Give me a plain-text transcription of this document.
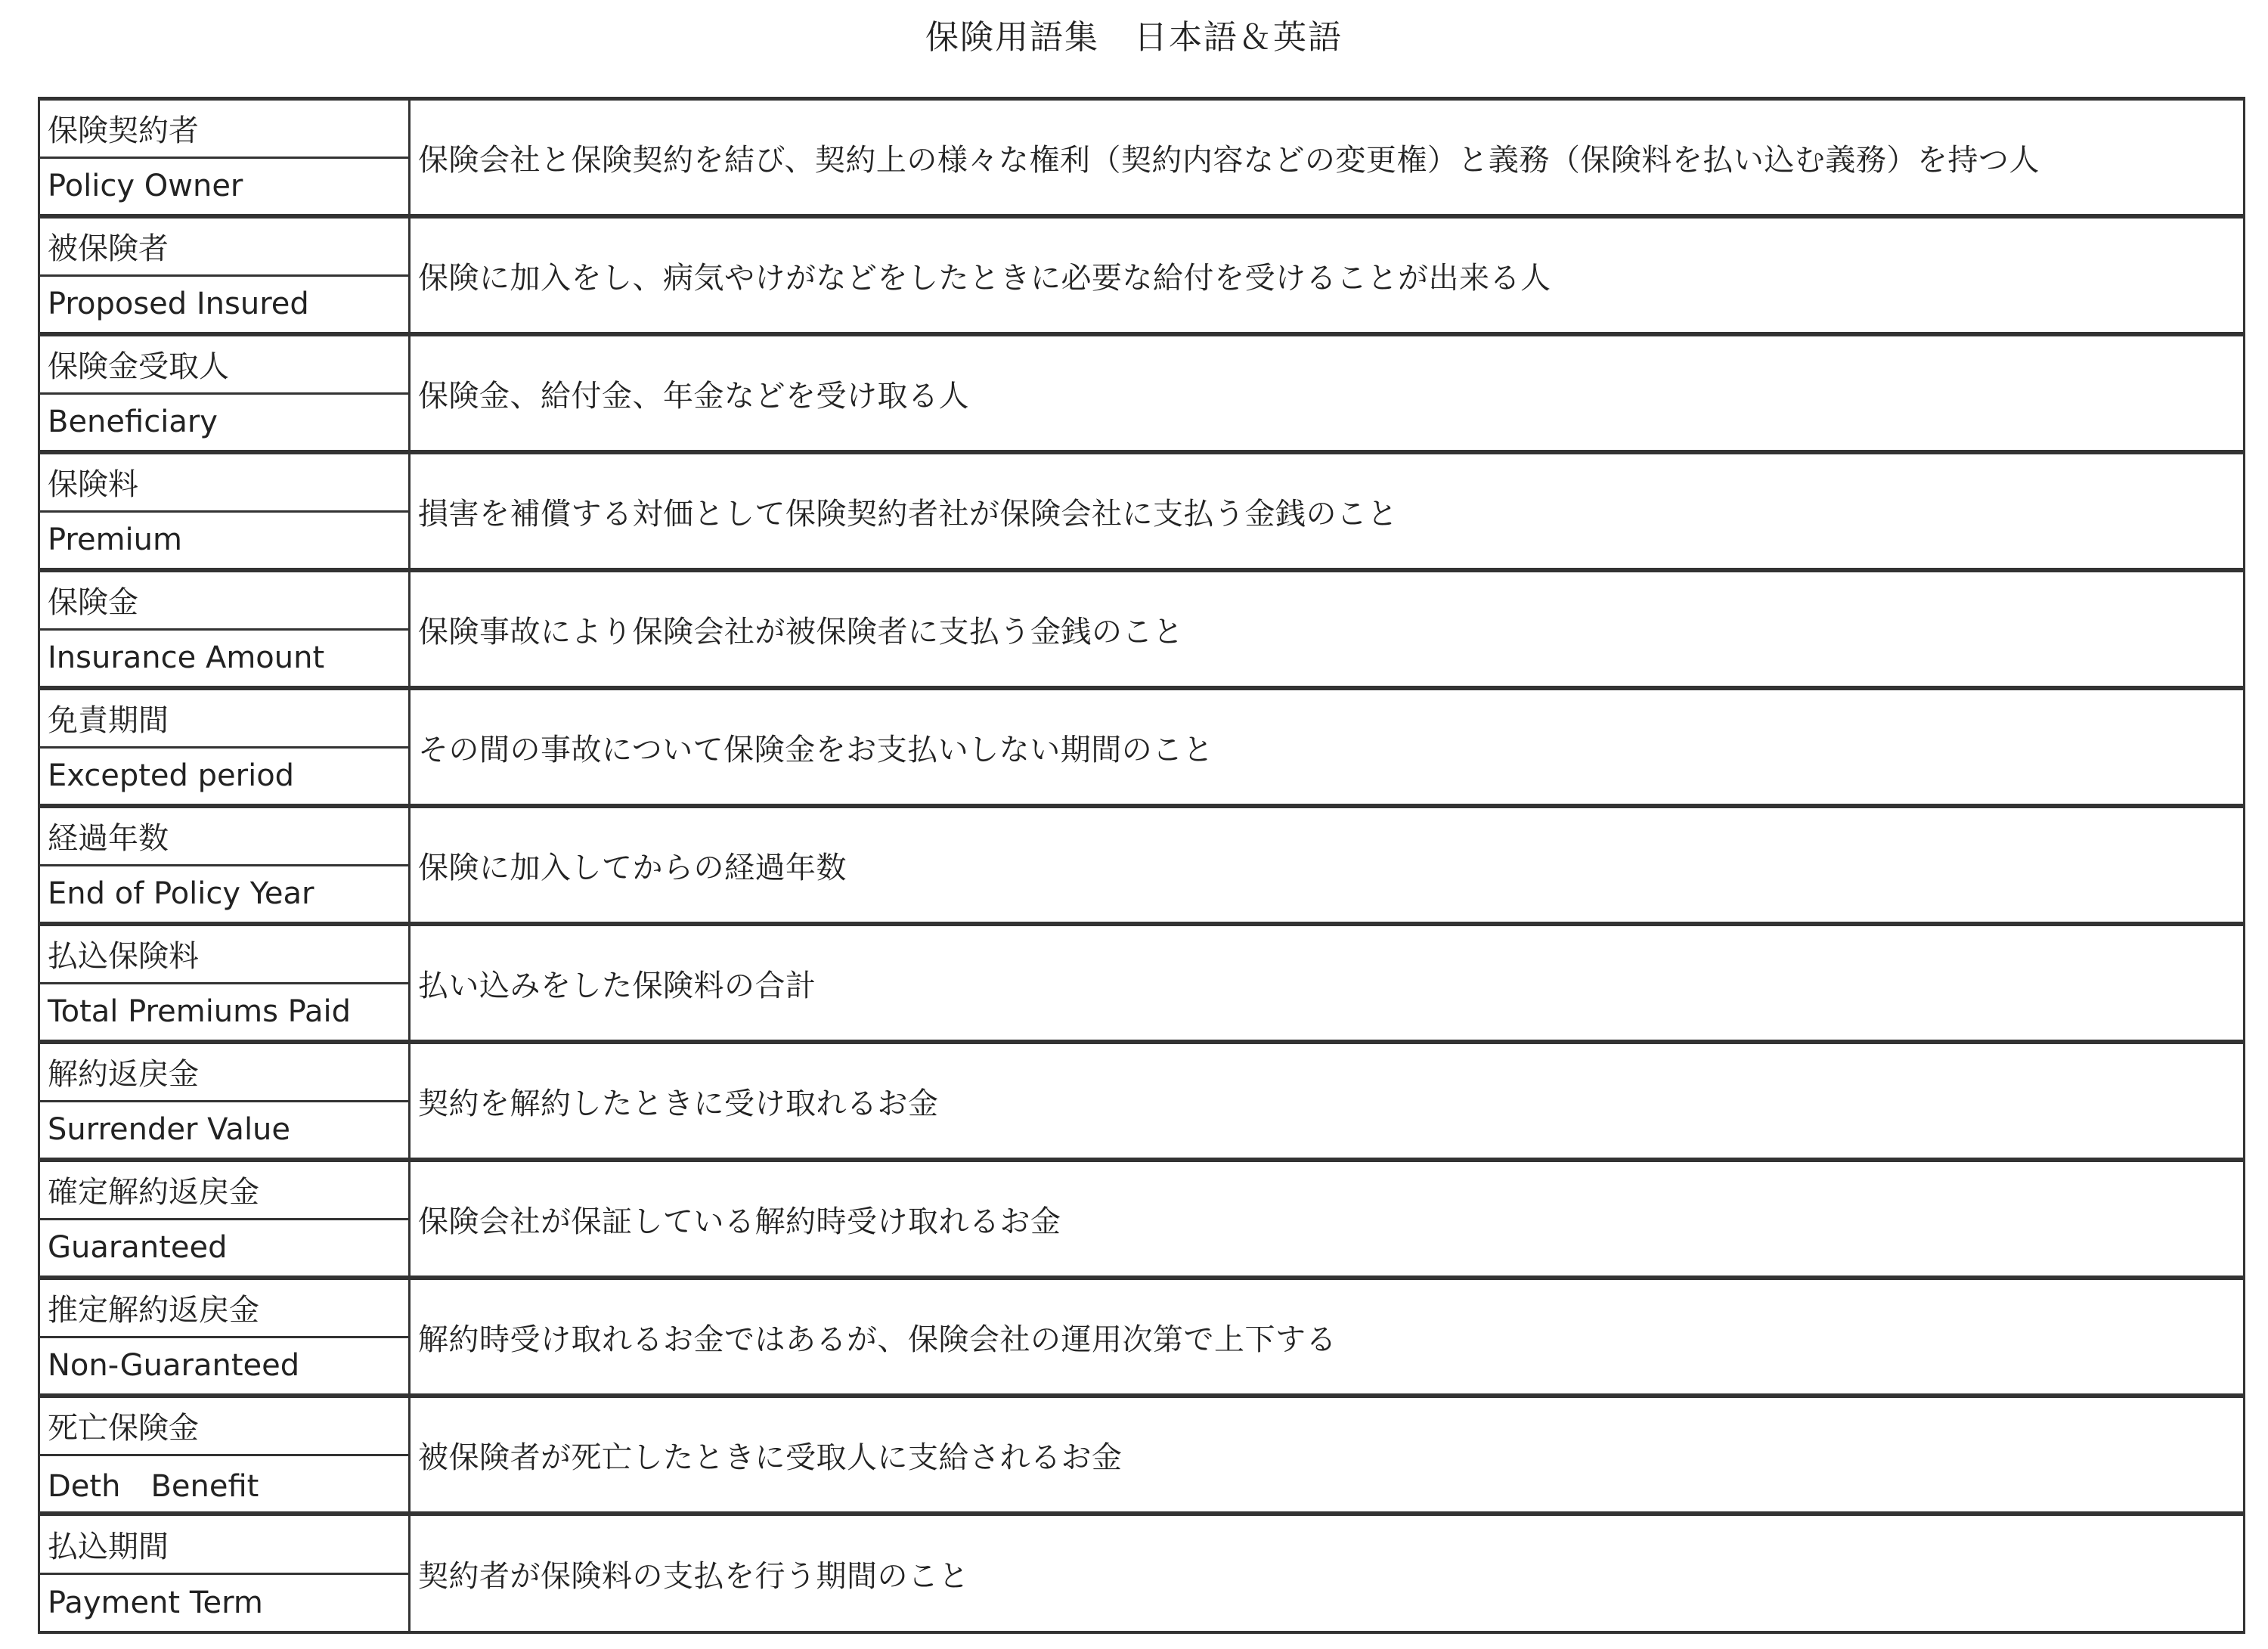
保険用語集　日本語＆英語
保険契約者
Policy Owner
保険会社と保険契約を結び、契約上の様々な権利（契約内容などの変更権）と義務（保険料を払い込む義務）を持つ人
被保険者
Proposed Insured
保険に加入をし、病気やけがなどをしたときに必要な給付を受けることが出来る人
保険金受取人
Beneficiary
保険金、給付金、年金などを受け取る人
保険料
Premium
損害を補償する対価として保険契約者社が保険会社に支払う金銭のこと
保険金
Insurance Amount
保険事故により保険会社が被保険者に支払う金銭のこと
免責期間
Excepted period
その間の事故について保険金をお支払いしない期間のこと
経過年数
End of Policy Year
保険に加入してからの経過年数
払込保険料
Total Premiums Paid
払い込みをした保険料の合計
解約返戻金
Surrender Value
契約を解約したときに受け取れるお金
確定解約返戻金
Guaranteed
保険会社が保証している解約時受け取れるお金
推定解約返戻金
Non-Guaranteed
解約時受け取れるお金ではあるが、保険会社の運用次第で上下する
死亡保険金
Deth　Benefit
被保険者が死亡したときに受取人に支給されるお金
払込期間
Payment Term
契約者が保険料の支払を行う期間のこと
